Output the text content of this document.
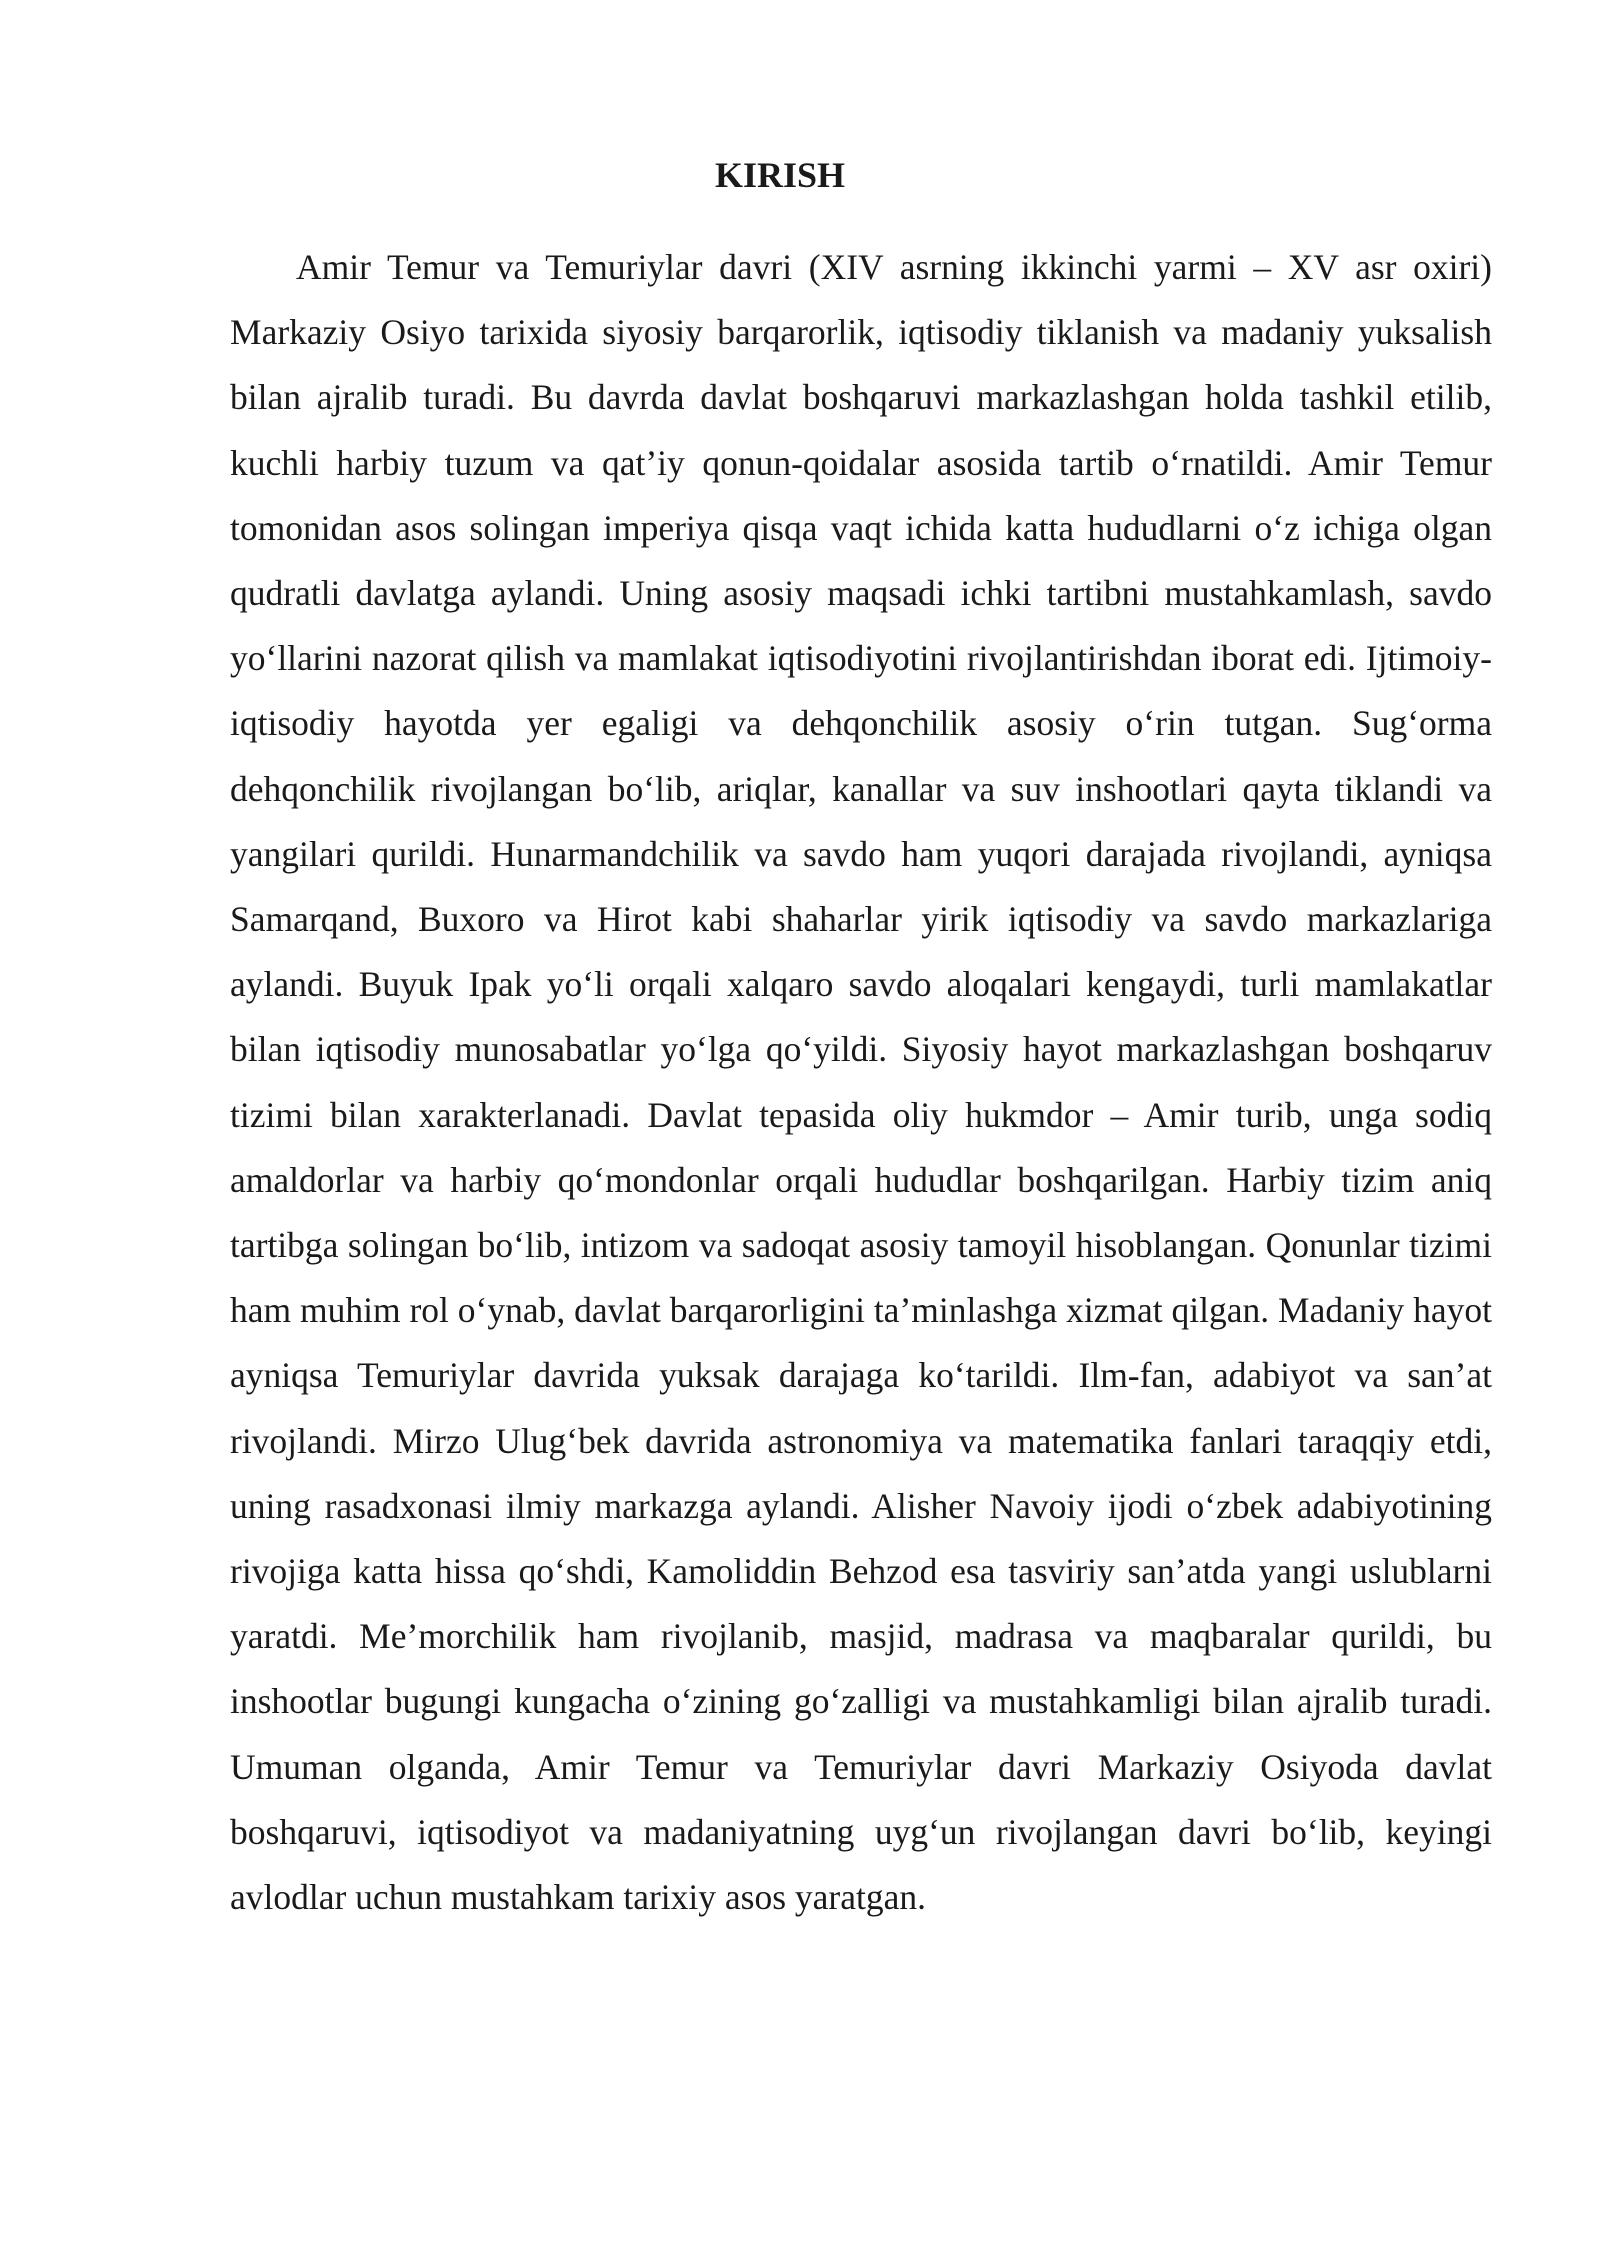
KIRISH

Amir Temur va Temuriylar davri (XIV asrning ikkinchi yarmi – XV asr oxiri) Markaziy Osiyo tarixida siyosiy barqarorlik, iqtisodiy tiklanish va madaniy yuksalish bilan ajralib turadi. Bu davrda davlat boshqaruvi markazlashgan holda tashkil etilib, kuchli harbiy tuzum va qat’iy qonun-qoidalar asosida tartib o‘rnatildi. Amir Temur tomonidan asos solingan imperiya qisqa vaqt ichida katta hududlarni o‘z ichiga olgan qudratli davlatga aylandi. Uning asosiy maqsadi ichki tartibni mustahkamlash, savdo yo‘llarini nazorat qilish va mamlakat iqtisodiyotini rivojlantirishdan iborat edi. Ijtimoiy-iqtisodiy hayotda yer egaligi va dehqonchilik asosiy o‘rin tutgan. Sug‘orma dehqonchilik rivojlangan bo‘lib, ariqlar, kanallar va suv inshootlari qayta tiklandi va yangilari qurildi. Hunarmandchilik va savdo ham yuqori darajada rivojlandi, ayniqsa Samarqand, Buxoro va Hirot kabi shaharlar yirik iqtisodiy va savdo markazlariga aylandi. Buyuk Ipak yo‘li orqali xalqaro savdo aloqalari kengaydi, turli mamlakatlar bilan iqtisodiy munosabatlar yo‘lga qo‘yildi. Siyosiy hayot markazlashgan boshqaruv tizimi bilan xarakterlanadi. Davlat tepasida oliy hukmdor – Amir turib, unga sodiq amaldorlar va harbiy qo‘mondonlar orqali hududlar boshqarilgan. Harbiy tizim aniq tartibga solingan bo‘lib, intizom va sadoqat asosiy tamoyil hisoblangan. Qonunlar tizimi ham muhim rol o‘ynab, davlat barqarorligini ta’minlashga xizmat qilgan. Madaniy hayot ayniqsa Temuriylar davrida yuksak darajaga ko‘tarildi. Ilm-fan, adabiyot va san’at rivojlandi. Mirzo Ulug‘bek davrida astronomiya va matematika fanlari taraqqiy etdi, uning rasadxonasi ilmiy markazga aylandi. Alisher Navoiy ijodi o‘zbek adabiyotining rivojiga katta hissa qo‘shdi, Kamoliddin Behzod esa tasviriy san’atda yangi uslublarni yaratdi. Me’morchilik ham rivojlanib, masjid, madrasa va maqbaralar qurildi, bu inshootlar bugungi kungacha o‘zining go‘zalligi va mustahkamligi bilan ajralib turadi. Umuman olganda, Amir Temur va Temuriylar davri Markaziy Osiyoda davlat boshqaruvi, iqtisodiyot va madaniyatning uyg‘un rivojlangan davri bo‘lib, keyingi avlodlar uchun mustahkam tarixiy asos yaratgan.
